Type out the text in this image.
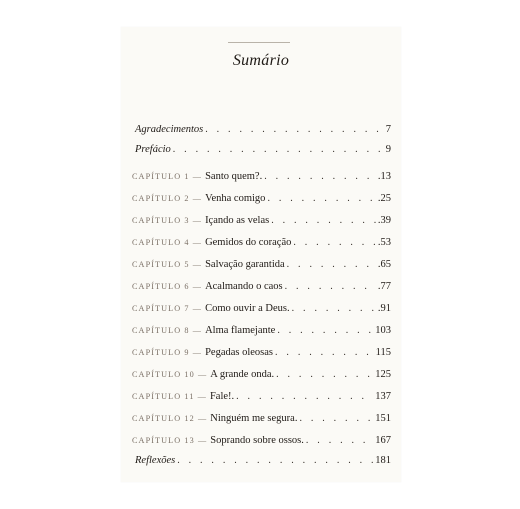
Sumário
Agradecimentos . . .	7
Prefácio . . .	9
CAPÍTULO 1 — Santo quem?. . . .	.13
CAPÍTULO 2 — Venha comigo . . .	.25
CAPÍTULO 3 — Içando as velas . . .	.39
CAPÍTULO 4 — Gemidos do coração . . .	.53
CAPÍTULO 5 — Salvação garantida . . .	.65
CAPÍTULO 6 — Acalmando o caos . . .	.77
CAPÍTULO 7 — Como ouvir a Deus. . . .	.91
CAPÍTULO 8 — Alma flamejante . . .	103
CAPÍTULO 9 — Pegadas oleosas . . .	115
CAPÍTULO 10 — A grande onda. . . .	125
CAPÍTULO 11 — Fale!. . . .	137
CAPÍTULO 12 — Ninguém me segura. . . .	151
CAPÍTULO 13 — Soprando sobre ossos. . . .	167
Reflexões . . .	181
